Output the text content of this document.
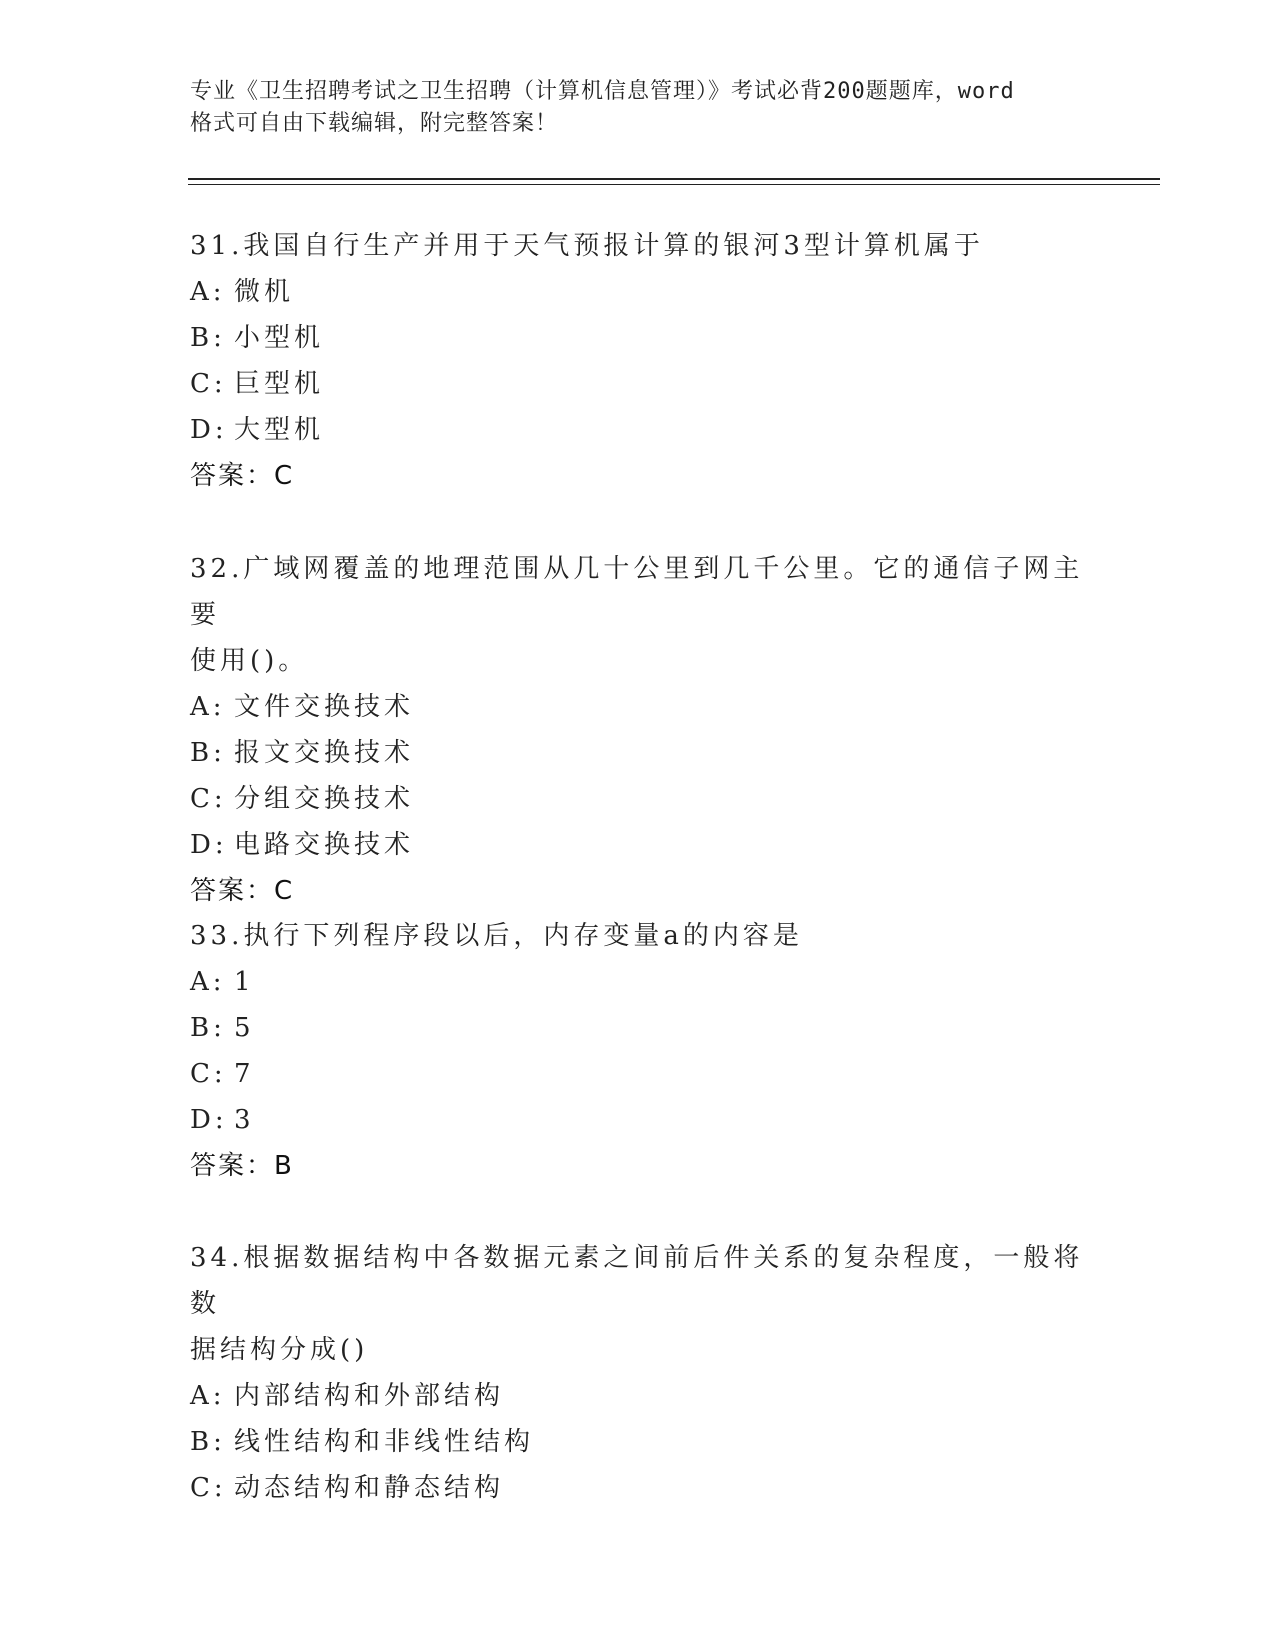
专业《卫生招聘考试之卫生招聘（计算机信息管理）》考试必背200题题库，word
格式可自由下载编辑，附完整答案！
31.我国自行生产并用于天气预报计算的银河3型计算机属于
A: 微机
B: 小型机
C: 巨型机
D: 大型机
答案：C
32.广域网覆盖的地理范围从几十公里到几千公里。它的通信子网主要
使用()。
A: 文件交换技术
B: 报文交换技术
C: 分组交换技术
D: 电路交换技术
答案：C
33.执行下列程序段以后，内存变量a的内容是
A: 1
B: 5
C: 7
D: 3
答案：B
34.根据数据结构中各数据元素之间前后件关系的复杂程度，一般将数
据结构分成()
A: 内部结构和外部结构
B: 线性结构和非线性结构
C: 动态结构和静态结构
